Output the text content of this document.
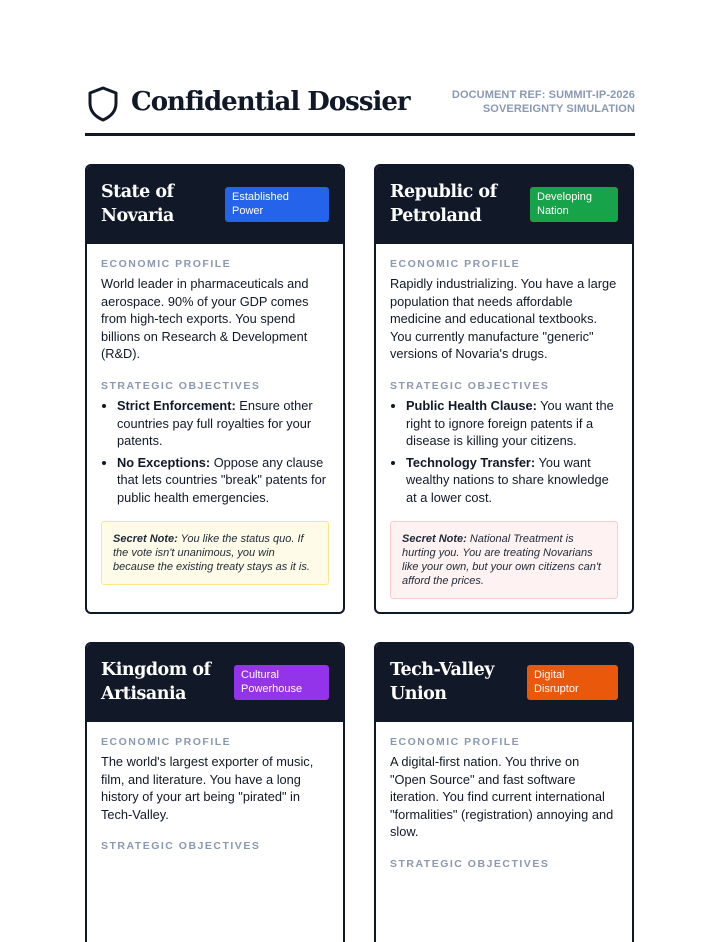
Confidential Dossier	DOCUMENT REF: SUMMIT-IP-2026
SOVEREIGNTY SIMULATION
State of Novaria
Established Power
ECONOMIC PROFILE

World leader in pharmaceuticals and aerospace. 90% of your GDP comes from high-tech exports. You spend billions on Research & Development (R&D).

STRATEGIC OBJECTIVES
• Strict Enforcement: Ensure other countries pay full royalties for your patents.
• No Exceptions: Oppose any clause that lets countries "break" patents for public health emergencies.
Secret Note: You like the status quo. If the vote isn't unanimous, you win because the existing treaty stays as it is.
Republic of Petroland
Developing Nation
ECONOMIC PROFILE

Rapidly industrializing. You have a large population that needs affordable medicine and educational textbooks. You currently manufacture "generic" versions of Novaria's drugs.

STRATEGIC OBJECTIVES
• Public Health Clause: You want the right to ignore foreign patents if a disease is killing your citizens.
• Technology Transfer: You want wealthy nations to share knowledge at a lower cost.
Secret Note: National Treatment is hurting you. You are treating Novarians like your own, but your own citizens can't afford the prices.
Kingdom of Artisania
Cultural Powerhouse
ECONOMIC PROFILE

The world's largest exporter of music, film, and literature. You have a long history of your art being "pirated" in Tech-Valley.

STRATEGIC OBJECTIVES
Tech-Valley Union
Digital Disruptor
ECONOMIC PROFILE

A digital-first nation. You thrive on "Open Source" and fast software iteration. You find current international "formalities" (registration) annoying and slow.

STRATEGIC OBJECTIVES
